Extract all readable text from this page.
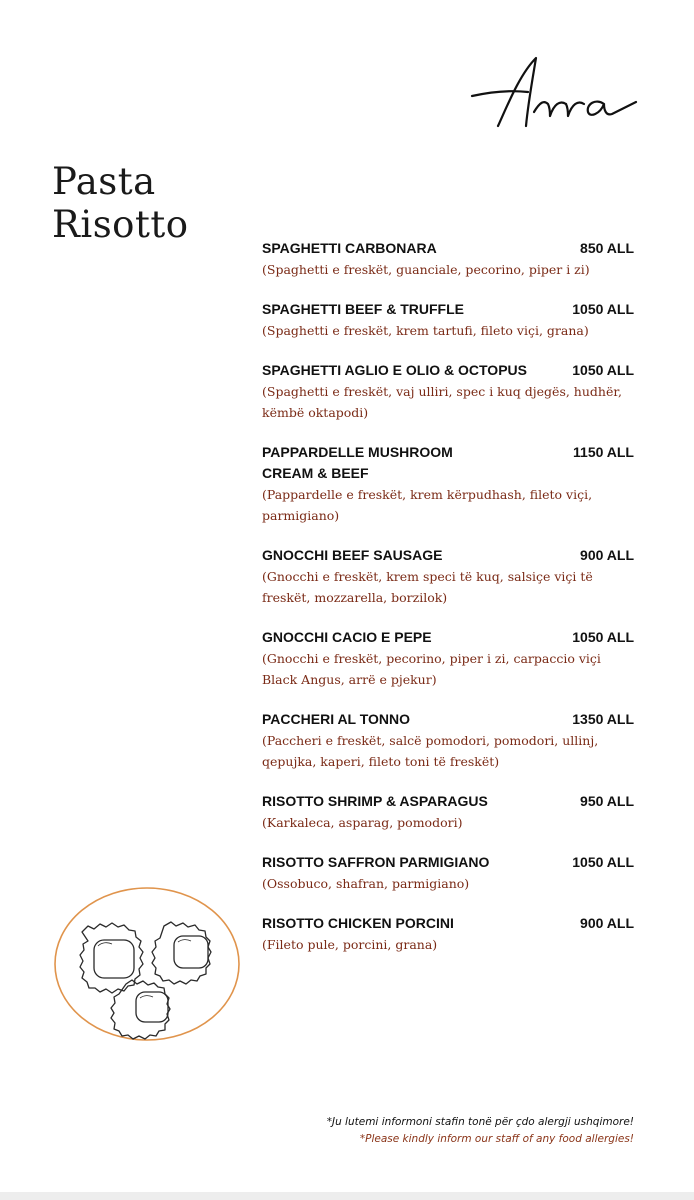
Pasta
Risotto
SPAGHETTI CARBONARA	850 ALL
(Spaghetti e freskët, guanciale, pecorino, piper i zi)
SPAGHETTI BEEF & TRUFFLE	1050 ALL
(Spaghetti e freskët, krem tartufi, fileto viçi, grana)
SPAGHETTI AGLIO E OLIO & OCTOPUS	1050 ALL
(Spaghetti e freskët, vaj ulliri, spec i kuq djegës, hudhër, këmbë oktapodi)
PAPPARDELLE MUSHROOM CREAM & BEEF
1150 ALL
(Pappardelle e freskët, krem kërpudhash, fileto viçi, parmigiano)
GNOCCHI BEEF SAUSAGE	900 ALL
(Gnocchi e freskët, krem speci të kuq, salsiçe viçi të freskët, mozzarella, borzilok)
GNOCCHI CACIO E PEPE	1050 ALL
(Gnocchi e freskët, pecorino, piper i zi, carpaccio viçi Black Angus, arrë e pjekur)
PACCHERI AL TONNO	1350 ALL
(Paccheri e freskët, salcë pomodori, pomodori, ullinj, qepujka, kaperi, fileto toni të freskët)
RISOTTO SHRIMP & ASPARAGUS	950 ALL
(Karkaleca, asparag, pomodori)
RISOTTO SAFFRON PARMIGIANO	1050 ALL
(Ossobuco, shafran, parmigiano)
RISOTTO CHICKEN PORCINI	900 ALL
(Fileto pule, porcini, grana)
*Ju lutemi informoni stafin tonë për çdo alergji ushqimore!
*Please kindly inform our staff of any food allergies!
